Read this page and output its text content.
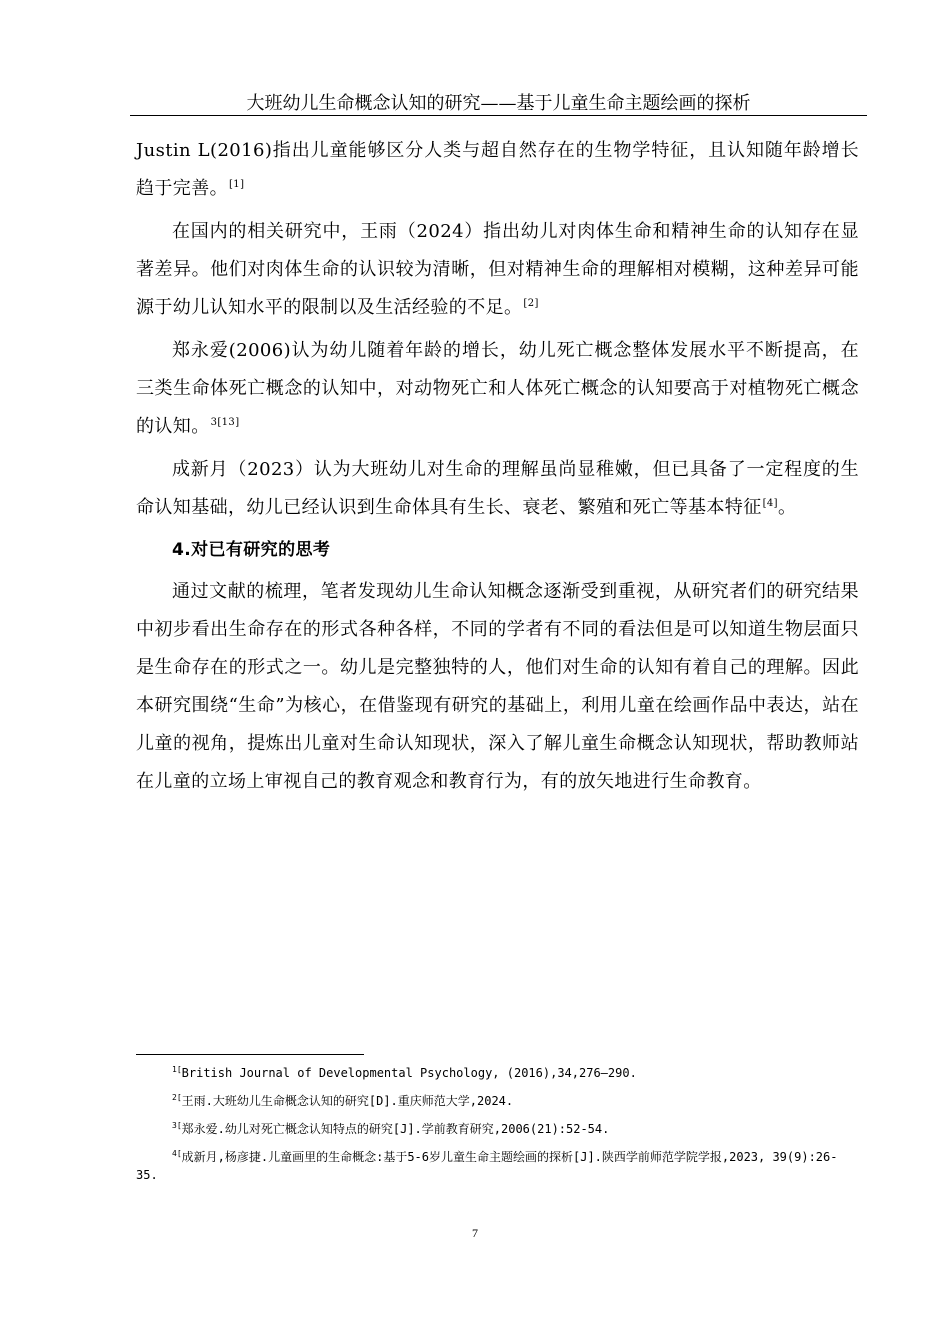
大班幼儿生命概念认知的研究——基于儿童生命主题绘画的探析

Justin L(2016)指出儿童能够区分人类与超自然存在的生物学特征，且认知随年龄增长趋于完善。[1]

在国内的相关研究中，王雨（2024）指出幼儿对肉体生命和精神生命的认知存在显著差异。他们对肉体生命的认识较为清晰，但对精神生命的理解相对模糊，这种差异可能源于幼儿认知水平的限制以及生活经验的不足。[2]

郑永爱(2006)认为幼儿随着年龄的增长，幼儿死亡概念整体发展水平不断提高，在三类生命体死亡概念的认知中，对动物死亡和人体死亡概念的认知要高于对植物死亡概念的认知。$^{3[13]}$

成新月（2023）认为大班幼儿对生命的理解虽尚显稚嫩，但已具备了一定程度的生命认知基础，幼儿已经认识到生命体具有生长、衰老、繁殖和死亡等基本特征[4]。

4.对已有研究的思考

通过文献的梳理，笔者发现幼儿生命认知概念逐渐受到重视，从研究者们的研究结果中初步看出生命存在的形式各种各样，不同的学者有不同的看法但是可以知道生物层面只是生命存在的形式之一。幼儿是完整独特的人，他们对生命的认知有着自己的理解。因此本研究围绕“生命”为核心，在借鉴现有研究的基础上，利用儿童在绘画作品中表达，站在儿童的视角，提炼出儿童对生命认知现状，深入了解儿童生命概念认知现状，帮助教师站在儿童的立场上审视自己的教育观念和教育行为，有的放矢地进行生命教育。

$^{1[}$British Journal of Developmental Psychology, (2016),34,276–290.

$^{2[}$王雨.大班幼儿生命概念认知的研究[D].重庆师范大学,2024.

$^{3[}$郑永爱.幼儿对死亡概念认知特点的研究[J].学前教育研究,2006(21):52-54.

$^{4[}$成新月,杨彦捷.儿童画里的生命概念:基于5-6岁儿童生命主题绘画的探析[J].陕西学前师范学院学报,2023, 39(9):26-35.

7
